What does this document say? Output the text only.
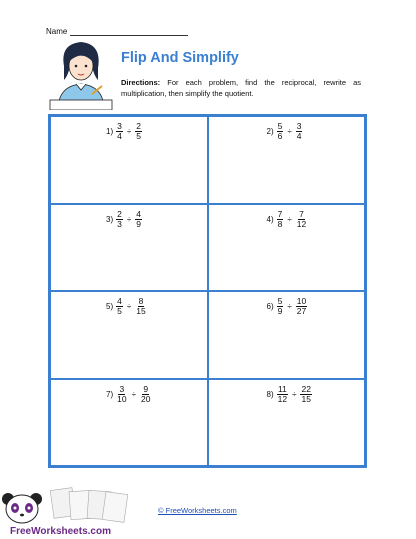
Name
Flip And Simplify
Directions: For each problem, find the reciprocal, rewrite as multiplication, then simplify the quotient.
$1) \frac{3}{4} \div \frac{2}{5}$	$2) \frac{5}{6} \div \frac{3}{4}$
$3) \frac{2}{3} \div \frac{4}{9}$	$4) \frac{7}{8} \div \frac{7}{12}$
$5) \frac{4}{5} \div \frac{8}{15}$	$6) \frac{5}{9} \div \frac{10}{27}$
$7) \frac{3}{10} \div \frac{9}{20}$	$8) \frac{11}{12} \div \frac{22}{15}$
FreeWorksheets.com
© FreeWorksheets.com
